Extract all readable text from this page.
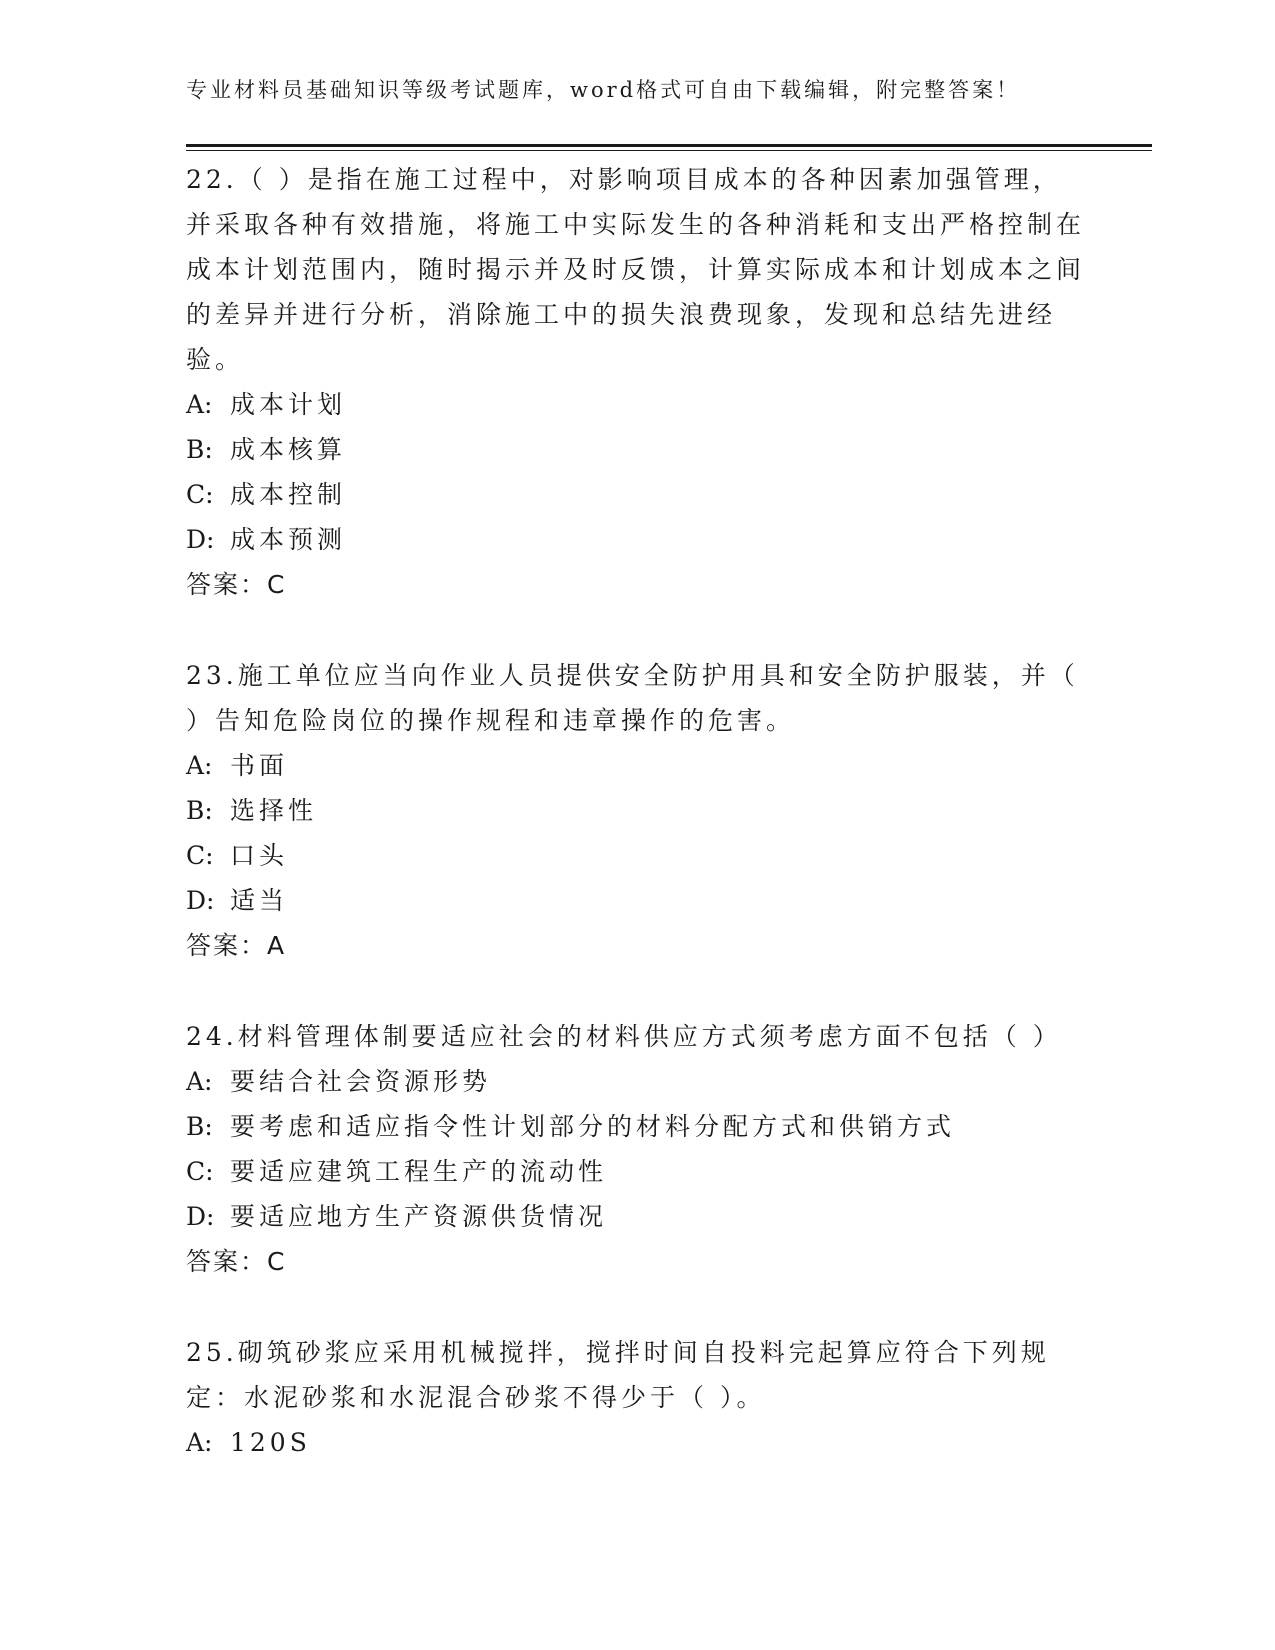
专业材料员基础知识等级考试题库，word格式可自由下载编辑，附完整答案！

22.（ ）是指在施工过程中，对影响项目成本的各种因素加强管理，并采取各种有效措施，将施工中实际发生的各种消耗和支出严格控制在成本计划范围内，随时揭示并及时反馈，计算实际成本和计划成本之间的差异并进行分析，消除施工中的损失浪费现象，发现和总结先进经验。

A: 成本计划

B: 成本核算

C: 成本控制

D: 成本预测

答案：C

23.施工单位应当向作业人员提供安全防护用具和安全防护服装，并（ ）告知危险岗位的操作规程和违章操作的危害。

A: 书面

B: 选择性

C: 口头

D: 适当

答案：A

24.材料管理体制要适应社会的材料供应方式须考虑方面不包括（ ）

A: 要结合社会资源形势

B: 要考虑和适应指令性计划部分的材料分配方式和供销方式

C: 要适应建筑工程生产的流动性

D: 要适应地方生产资源供货情况

答案：C

25.砌筑砂浆应采用机械搅拌，搅拌时间自投料完起算应符合下列规定：水泥砂浆和水泥混合砂浆不得少于（ ）。

A: 120S
